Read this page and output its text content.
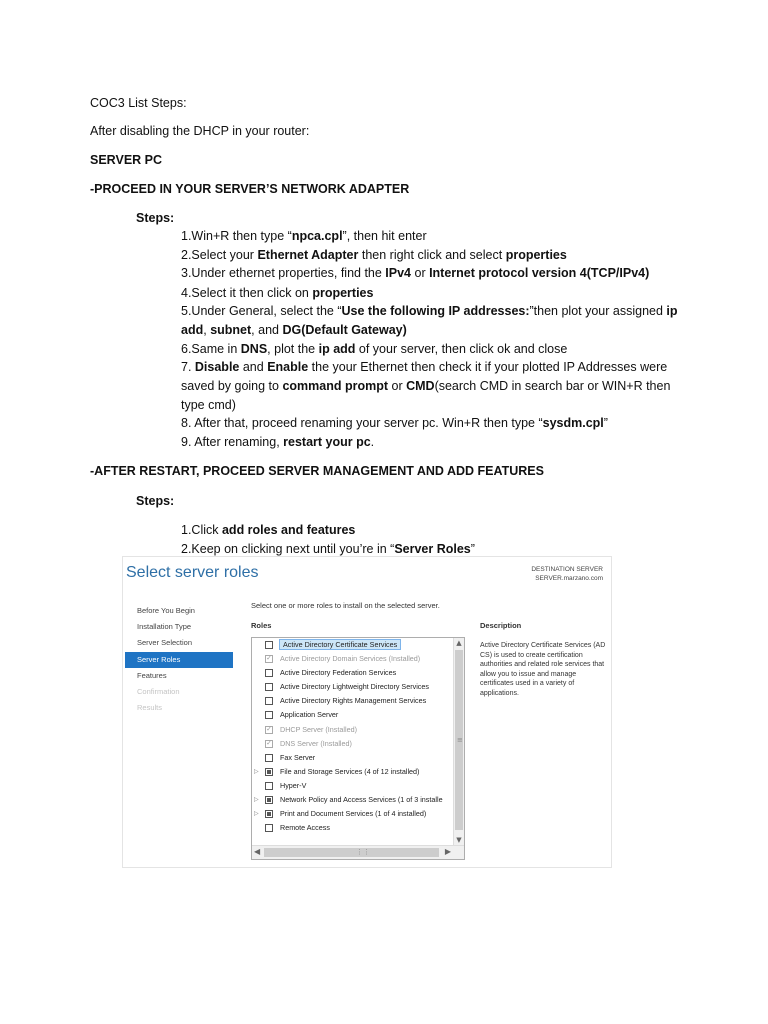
COC3 List Steps:
After disabling the DHCP in your router:
SERVER PC
-PROCEED IN YOUR SERVER’S NETWORK ADAPTER
Steps:
1.Win+R then type “npca.cpl”, then hit enter
2.Select your Ethernet Adapter then right click and select properties
3.Under ethernet properties, find the IPv4 or Internet protocol version 4(TCP/IPv4)
4.Select it then click on properties
5.Under General, select the “Use the following IP addresses:”then plot your assigned ip
add, subnet, and DG(Default Gateway)
6.Same in DNS, plot the ip add of your server, then click ok and close
7. Disable and Enable the your Ethernet then check it if your plotted IP Addresses were
saved by going to command prompt or CMD(search CMD in search bar or WIN+R then
type cmd)
8. After that, proceed renaming your server pc. Win+R then type “sysdm.cpl”
9. After renaming, restart your pc.
-AFTER RESTART, PROCEED SERVER MANAGEMENT AND ADD FEATURES
Steps:
1.Click add roles and features
2.Keep on clicking next until you’re in “Server Roles”
Select server roles	DESTINATION SERVER
SERVER.marzano.com
Before You Begin
Installation Type
Server Selection
Server Roles
Features
Confirmation
Results
Select one or more roles to install on the selected server.
Roles	Description
Active Directory Certificate Services (AD CS) is used to create certification authorities and related role services that allow you to issue and manage certificates used in a variety of applications.
Active Directory Certificate Services
✓ Active Directory Domain Services (Installed)
Active Directory Federation Services
Active Directory Lightweight Directory Services
Active Directory Rights Management Services
Application Server
✓ DHCP Server (Installed)
✓ DNS Server (Installed)
Fax Server
▷	File and Storage Services (4 of 12 installed)
Hyper-V
▷	Network Policy and Access Services (1 of 3 installe
▷	Print and Document Services (1 of 4 installed)
Remote Access
▲
≡
▼
◀	⋮⋮	▶
